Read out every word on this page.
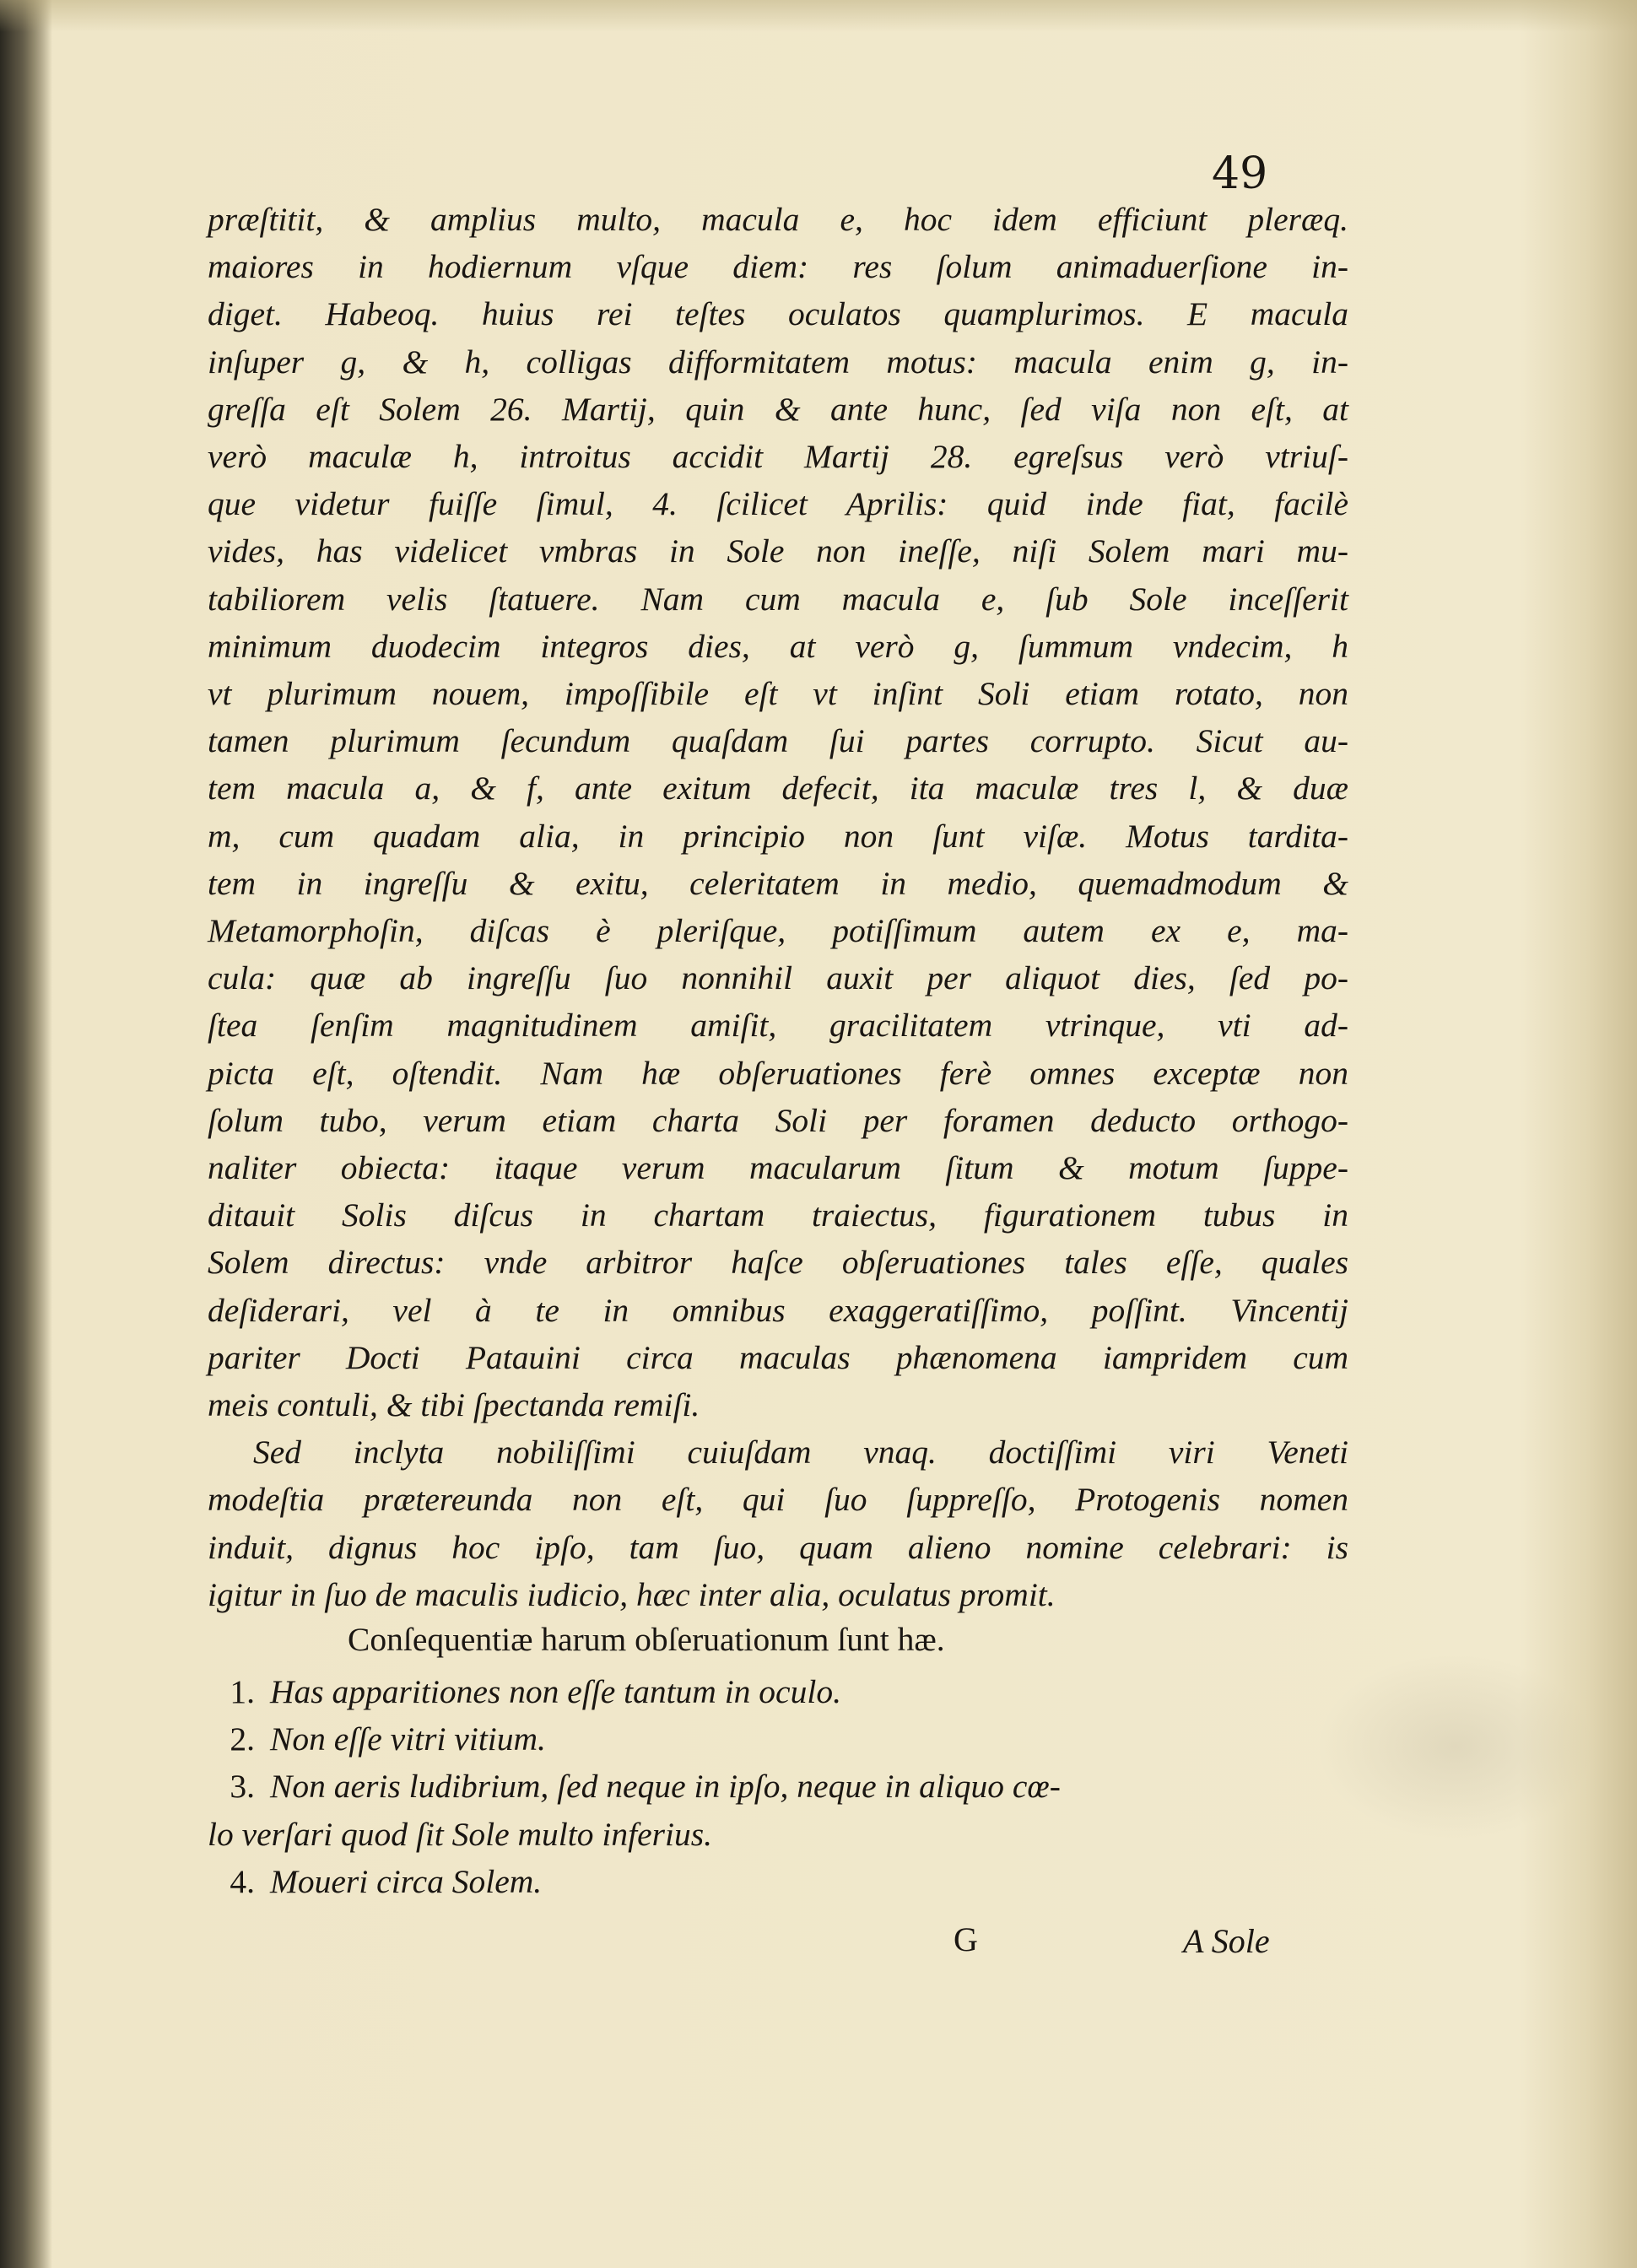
49
præſtitit, & amplius multo, macula e, hoc idem efficiunt pleræq.
maiores in hodiernum vſque diem: res ſolum animaduerſione in-
diget. Habeoq. huius rei teſtes oculatos quamplurimos. E macula
inſuper g, & h, colligas difformitatem motus: macula enim g, in-
greſſa eſt Solem 26. Martij, quin & ante hunc, ſed viſa non eſt, at
verò maculæ h, introitus accidit Martij 28. egreſsus verò vtriuſ-
que videtur fuiſſe ſimul, 4. ſcilicet Aprilis: quid inde fiat, facilè
vides, has videlicet vmbras in Sole non ineſſe, niſi Solem mari mu-
tabiliorem velis ſtatuere. Nam cum macula e, ſub Sole inceſſerit
minimum duodecim integros dies, at verò g, ſummum vndecim, h
vt plurimum nouem, impoſſibile eſt vt inſint Soli etiam rotato, non
tamen plurimum ſecundum quaſdam ſui partes corrupto. Sicut au-
tem macula a, & f, ante exitum defecit, ita maculæ tres l, & duæ
m, cum quadam alia, in principio non ſunt viſæ. Motus tardita-
tem in ingreſſu & exitu, celeritatem in medio, quemadmodum &
Metamorphoſin, diſcas è pleriſque, potiſſimum autem ex e, ma-
cula: quæ ab ingreſſu ſuo nonnihil auxit per aliquot dies, ſed po-
ſtea ſenſim magnitudinem amiſit, gracilitatem vtrinque, vti ad-
picta eſt, oſtendit. Nam hæ obſeruationes ferè omnes exceptæ non
ſolum tubo, verum etiam charta Soli per foramen deducto orthogo-
naliter obiecta: itaque verum macularum ſitum & motum ſuppe-
ditauit Solis diſcus in chartam traiectus, figurationem tubus in
Solem directus: vnde arbitror haſce obſeruationes tales eſſe, quales
deſiderari, vel à te in omnibus exaggeratiſſimo, poſſint. Vincentij
pariter Docti Patauini circa maculas phænomena iampridem cum
meis contuli, & tibi ſpectanda remiſi.
Sed inclyta nobiliſſimi cuiuſdam vnaq. doctiſſimi viri Veneti
modeſtia prætereunda non eſt, qui ſuo ſuppreſſo, Protogenis nomen
induit, dignus hoc ipſo, tam ſuo, quam alieno nomine celebrari: is
igitur in ſuo de maculis iudicio, hæc inter alia, oculatus promit.
Conſequentiæ harum obſeruationum ſunt hæ.
1. Has apparitiones non eſſe tantum in oculo.
2. Non eſſe vitri vitium.
3. Non aeris ludibrium, ſed neque in ipſo, neque in aliquo cœ-
lo verſari quod ſit Sole multo inferius.
4. Moueri circa Solem.
G	A Sole
